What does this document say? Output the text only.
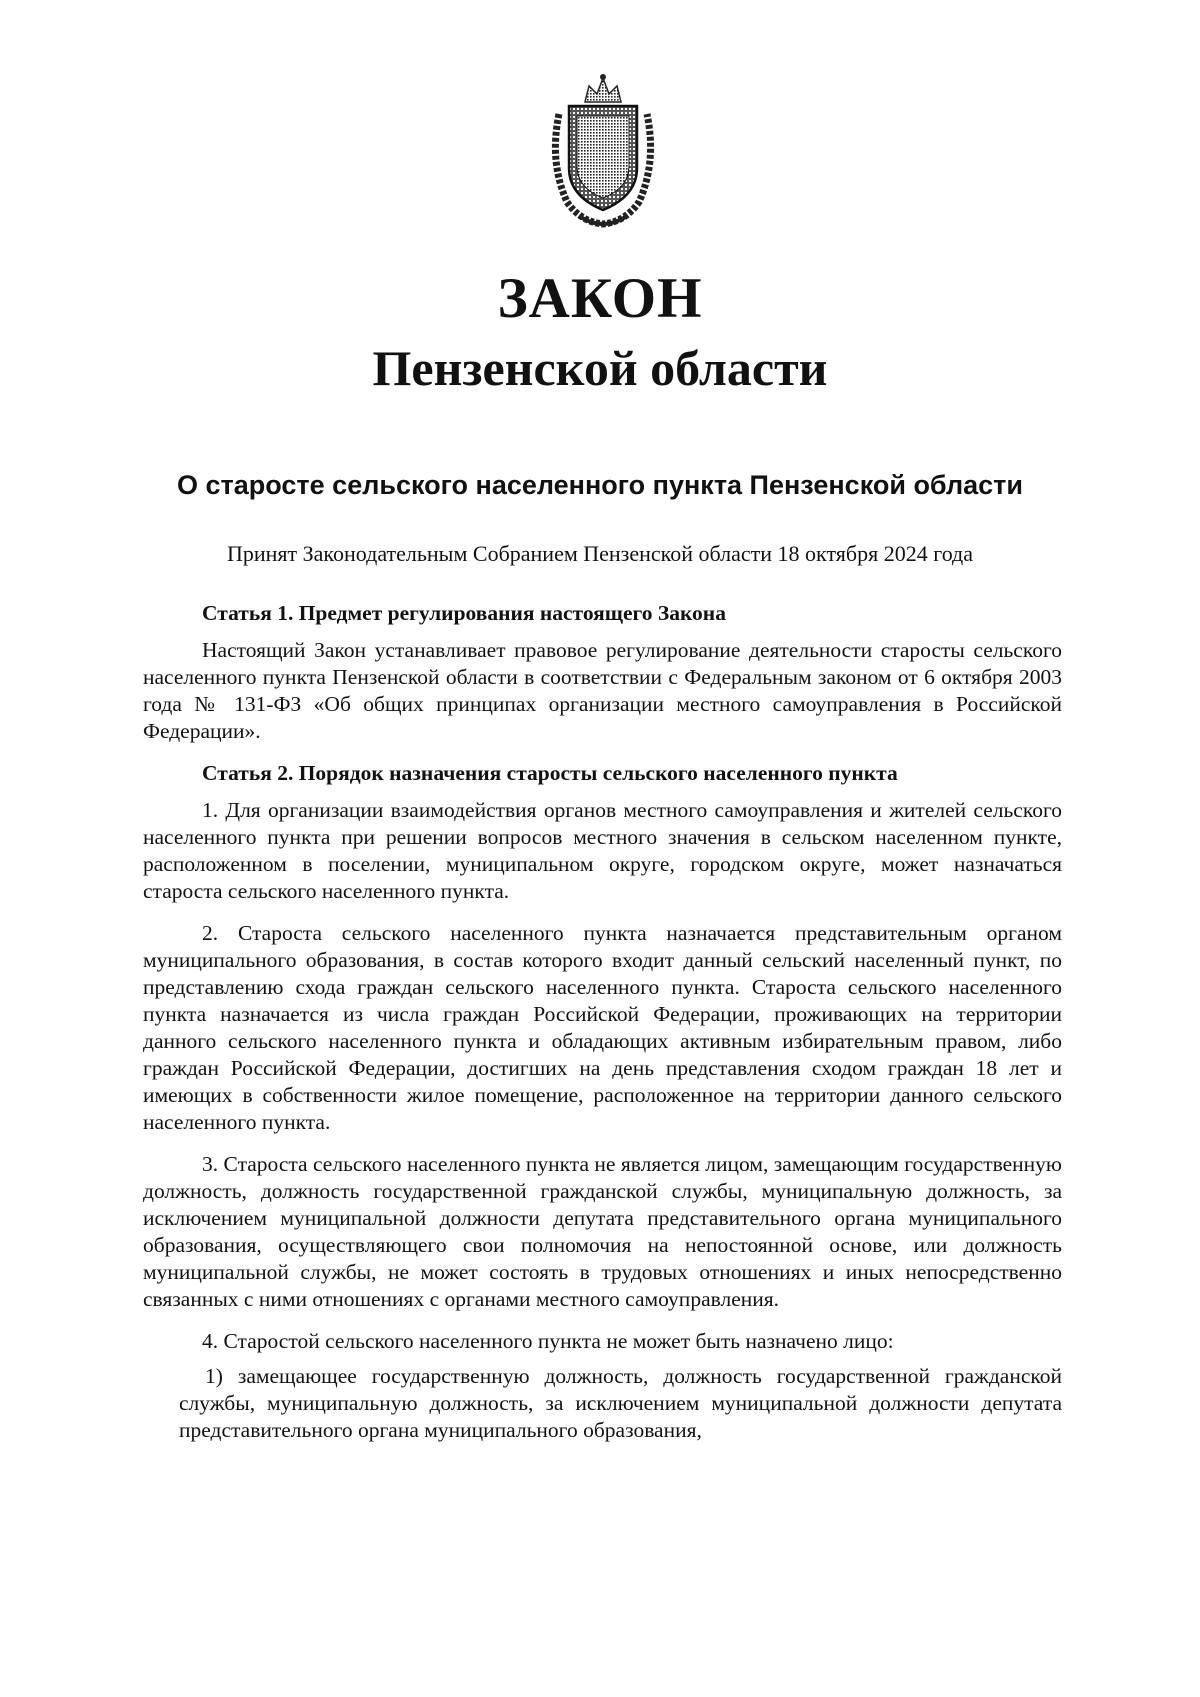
ЗАКОН
Пензенской области
О старосте сельского населенного пункта Пензенской области
Принят Законодательным Собранием Пензенской области 18 октября 2024 года
Статья 1. Предмет регулирования настоящего Закона

Настоящий Закон устанавливает правовое регулирование деятельности старосты сельского населенного пункта Пензенской области в соответствии с Федеральным законом от 6 октября 2003 года № 131-ФЗ «Об общих принципах организации местного самоуправления в Российской Федерации».

Статья 2. Порядок назначения старосты сельского населенного пункта

1. Для организации взаимодействия органов местного самоуправления и жителей сельского населенного пункта при решении вопросов местного значения в сельском населенном пункте, расположенном в поселении, муниципальном округе, городском округе, может назначаться староста сельского населенного пункта.

2. Староста сельского населенного пункта назначается представительным органом муниципального образования, в состав которого входит данный сельский населенный пункт, по представлению схода граждан сельского населенного пункта. Староста сельского населенного пункта назначается из числа граждан Российской Федерации, проживающих на территории данного сельского населенного пункта и обладающих активным избирательным правом, либо граждан Российской Федерации, достигших на день представления сходом граждан 18 лет и имеющих в собственности жилое помещение, расположенное на территории данного сельского населенного пункта.

3. Староста сельского населенного пункта не является лицом, замещающим государственную должность, должность государственной гражданской службы, муниципальную должность, за исключением муниципальной должности депутата представительного органа муниципального образования, осуществляющего свои полномочия на непостоянной основе, или должность муниципальной службы, не может состоять в трудовых отношениях и иных непосредственно связанных с ними отношениях с органами местного самоуправления.

4. Старостой сельского населенного пункта не может быть назначено лицо:

1) замещающее государственную должность, должность государственной гражданской службы, муниципальную должность, за исключением муниципальной должности депутата представительного органа муниципального образования,
